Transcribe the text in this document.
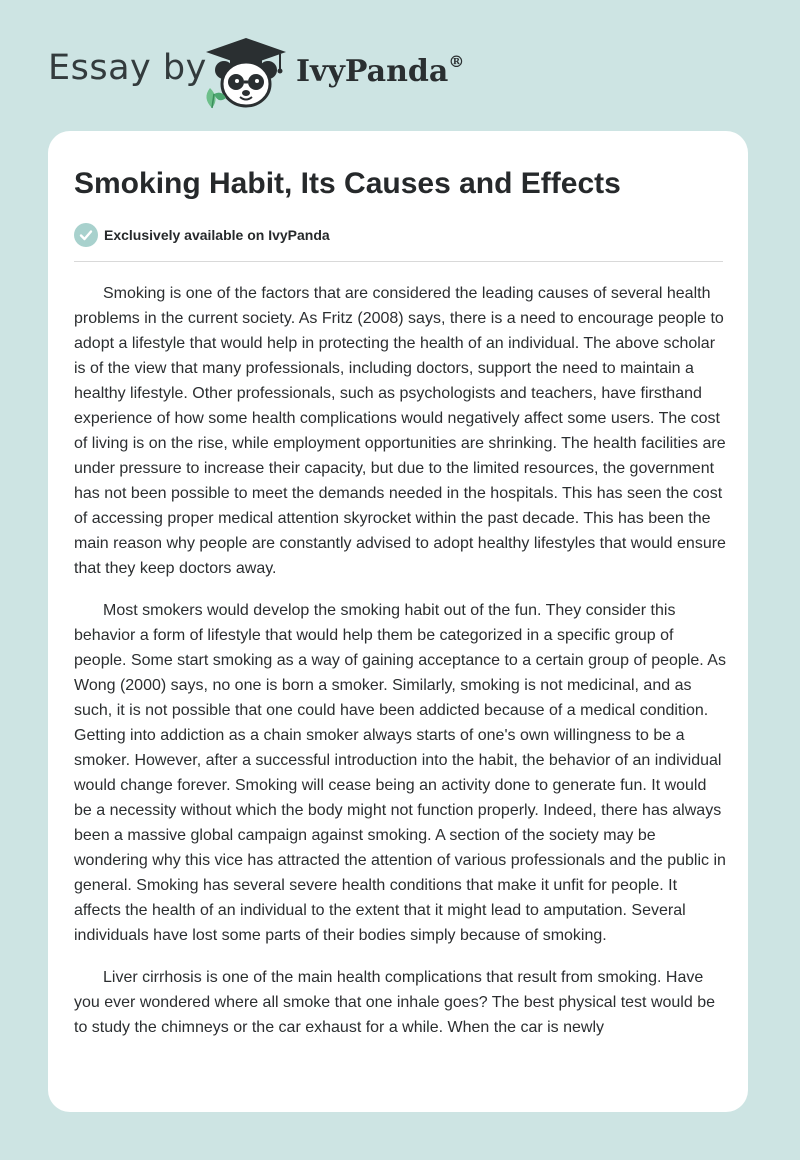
Essay by	IvyPanda®
Smoking Habit, Its Causes and Effects
Exclusively available on IvyPanda

Smoking is one of the factors that are considered the leading causes of several health problems in the current society. As Fritz (2008) says, there is a need to encourage people to adopt a lifestyle that would help in protecting the health of an individual. The above scholar is of the view that many professionals, including doctors, support the need to maintain a healthy lifestyle. Other professionals, such as psychologists and teachers, have firsthand experience of how some health complications would negatively affect some users. The cost of living is on the rise, while employment opportunities are shrinking. The health facilities are under pressure to increase their capacity, but due to the limited resources, the government has not been possible to meet the demands needed in the hospitals. This has seen the cost of accessing proper medical attention skyrocket within the past decade. This has been the main reason why people are constantly advised to adopt healthy lifestyles that would ensure that they keep doctors away.

Most smokers would develop the smoking habit out of the fun. They consider this behavior a form of lifestyle that would help them be categorized in a specific group of people. Some start smoking as a way of gaining acceptance to a certain group of people. As Wong (2000) says, no one is born a smoker. Similarly, smoking is not medicinal, and as such, it is not possible that one could have been addicted because of a medical condition. Getting into addiction as a chain smoker always starts of one's own willingness to be a smoker. However, after a successful introduction into the habit, the behavior of an individual would change forever. Smoking will cease being an activity done to generate fun. It would be a necessity without which the body might not function properly. Indeed, there has always been a massive global campaign against smoking. A section of the society may be wondering why this vice has attracted the attention of various professionals and the public in general. Smoking has several severe health conditions that make it unfit for people. It affects the health of an individual to the extent that it might lead to amputation. Several individuals have lost some parts of their bodies simply because of smoking.

Liver cirrhosis is one of the main health complications that result from smoking. Have you ever wondered where all smoke that one inhale goes? The best physical test would be to study the chimneys or the car exhaust for a while. When the car is newly
